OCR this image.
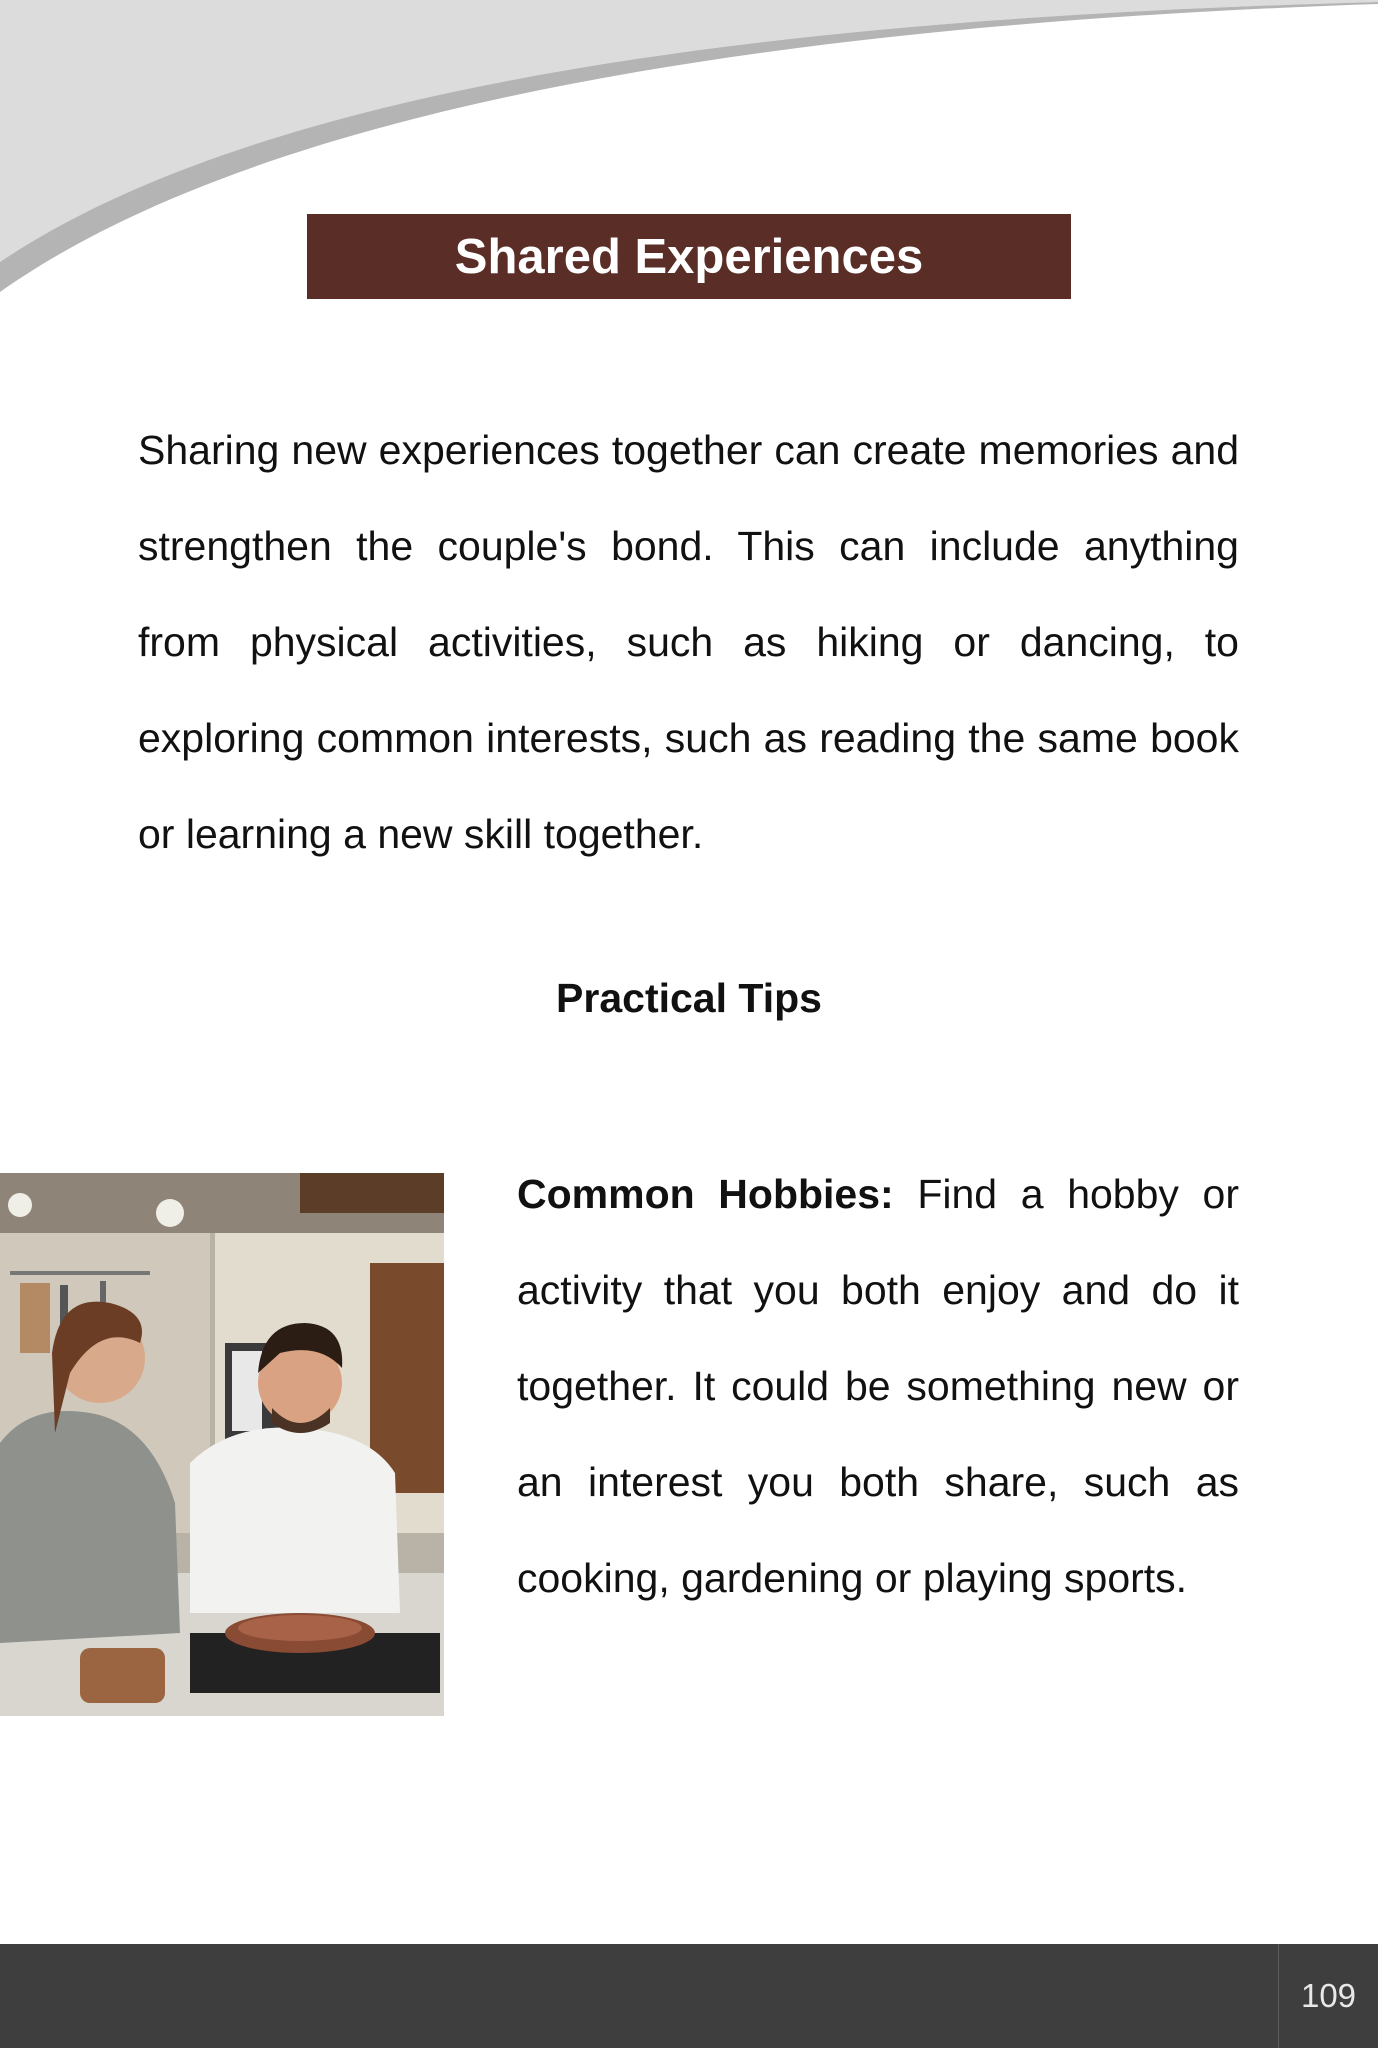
Shared Experiences

Sharing new experiences together can create memories and strengthen the couple's bond. This can include anything from physical activities, such as hiking or dancing, to exploring common interests, such as reading the same book or learning a new skill together.

Practical Tips

Common Hobbies: Find a hobby or activity that you both enjoy and do it together. It could be something new or an interest you both share, such as cooking, gardening or playing sports.

109
